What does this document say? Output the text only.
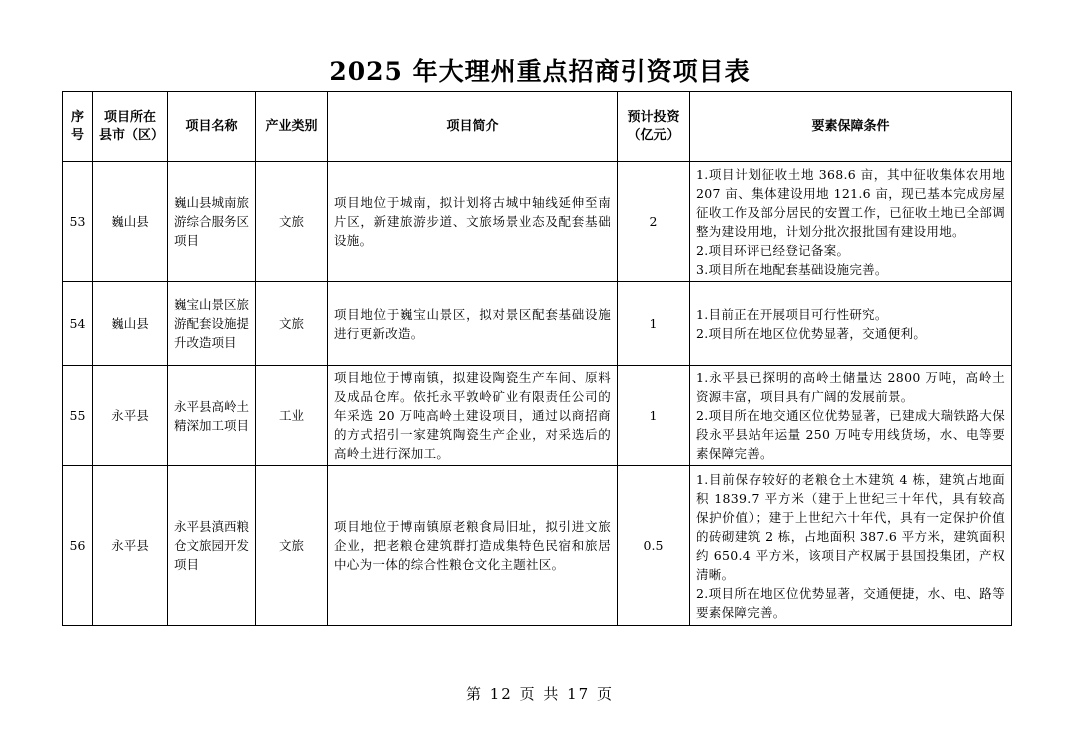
2025 年大理州重点招商引资项目表
序号	项目所在县市（区）	项目名称	产业类别	项目简介	预计投资（亿元）	要素保障条件
53	巍山县	巍山县城南旅游综合服务区项目	文旅	项目地位于城南，拟计划将古城中轴线延伸至南片区，新建旅游步道、文旅场景业态及配套基础设施。	2	1.项目计划征收土地 368.6 亩，其中征收集体农用地 207 亩、集体建设用地 121.6 亩，现已基本完成房屋征收工作及部分居民的安置工作，已征收土地已全部调整为建设用地，计划分批次报批国有建设用地。
2.项目环评已经登记备案。
3.项目所在地配套基础设施完善。

54	巍山县	巍宝山景区旅游配套设施提升改造项目	文旅	项目地位于巍宝山景区，拟对景区配套基础设施进行更新改造。	1	1.目前正在开展项目可行性研究。
2.项目所在地区位优势显著，交通便利。

55	永平县	永平县高岭土精深加工项目	工业	项目地位于博南镇，拟建设陶瓷生产车间、原料及成品仓库。依托永平敦岭矿业有限责任公司的年采选 20 万吨高岭土建设项目，通过以商招商的方式招引一家建筑陶瓷生产企业，对采选后的高岭土进行深加工。	1	1.永平县已探明的高岭土储量达 2800 万吨，高岭土资源丰富，项目具有广阔的发展前景。
2.项目所在地交通区位优势显著，已建成大瑞铁路大保段永平县站年运量 250 万吨专用线货场，水、电等要素保障完善。

56	永平县	永平县滇西粮仓文旅园开发项目	文旅	项目地位于博南镇原老粮食局旧址，拟引进文旅企业，把老粮仓建筑群打造成集特色民宿和旅居中心为一体的综合性粮仓文化主题社区。	0.5	1.目前保存较好的老粮仓土木建筑 4 栋，建筑占地面积 1839.7 平方米（建于上世纪三十年代，具有较高保护价值）；建于上世纪六十年代，具有一定保护价值的砖砌建筑 2 栋，占地面积 387.6 平方米，建筑面积约 650.4 平方米，该项目产权属于县国投集团，产权清晰。
2.项目所在地区位优势显著，交通便捷，水、电、路等要素保障完善。
第 12 页 共 17 页
